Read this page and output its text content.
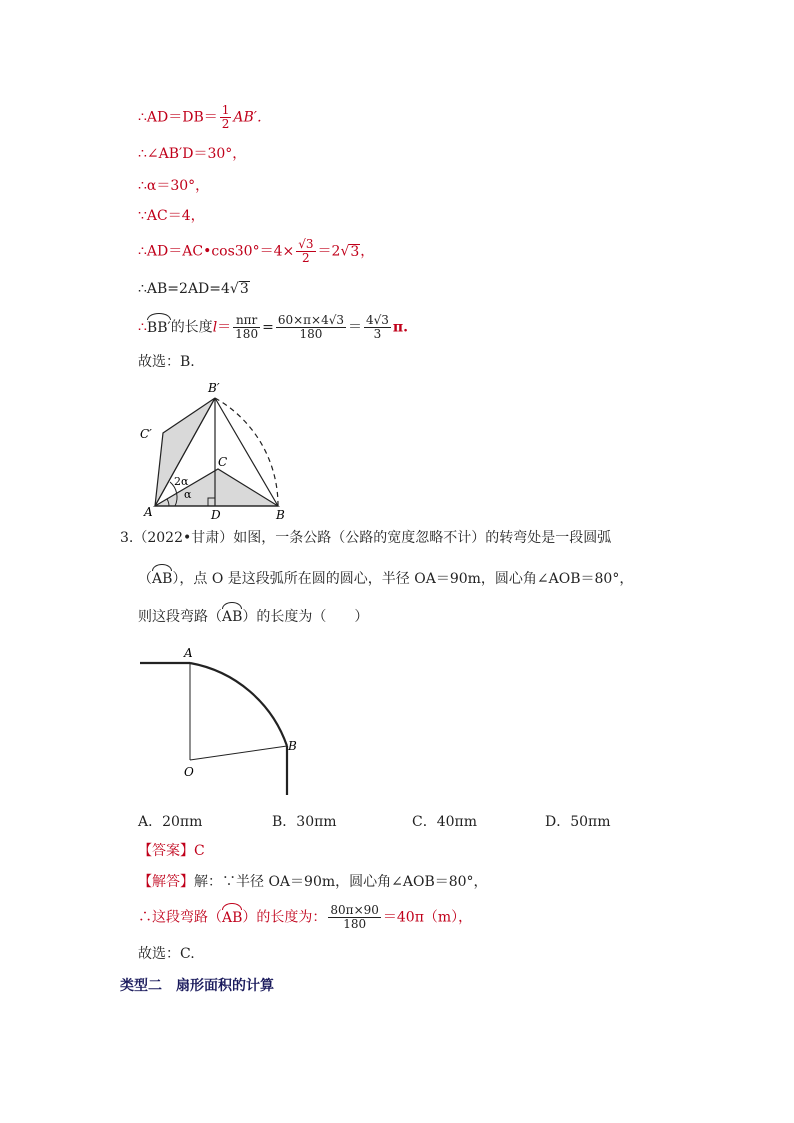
∴AD＝DB＝ $\frac{1}{2} AB'$．
∴∠AB′D＝30°，
∴α＝30°，
∵AC＝4，
∴AD＝AC•cos30°＝4× $\frac{√3}{2} =2√3$，
∴AB=2AD=4√3
∴BB′的长度$l= \frac{\text{nπr}}{180} = \frac{60\times\pi\times 4√3}{180} = \frac{4√3}{3} \pi$.
故选：B.
B′
C′
C
A	D	B
2α
α
3.（2022•甘肃）如图，一条公路（公路的宽度忽略不计）的转弯处是一段圆弧
（AB），点 O 是这段弧所在圆的圆心，半径 OA＝90m，圆心角∠AOB＝80°，
则这段弯路（AB）的长度为（　　）
A
B
O
A．20πm	B．30πm	C．40πm	D．50πm
【答案】C
【解答】解：∵半径 OA＝90m，圆心角∠AOB＝80°，
∴这段弯路（AB）的长度为： $\frac{80\pi\times 90}{180} =40\pi(m)$，
故选：C.
类型二　扇形面积的计算
